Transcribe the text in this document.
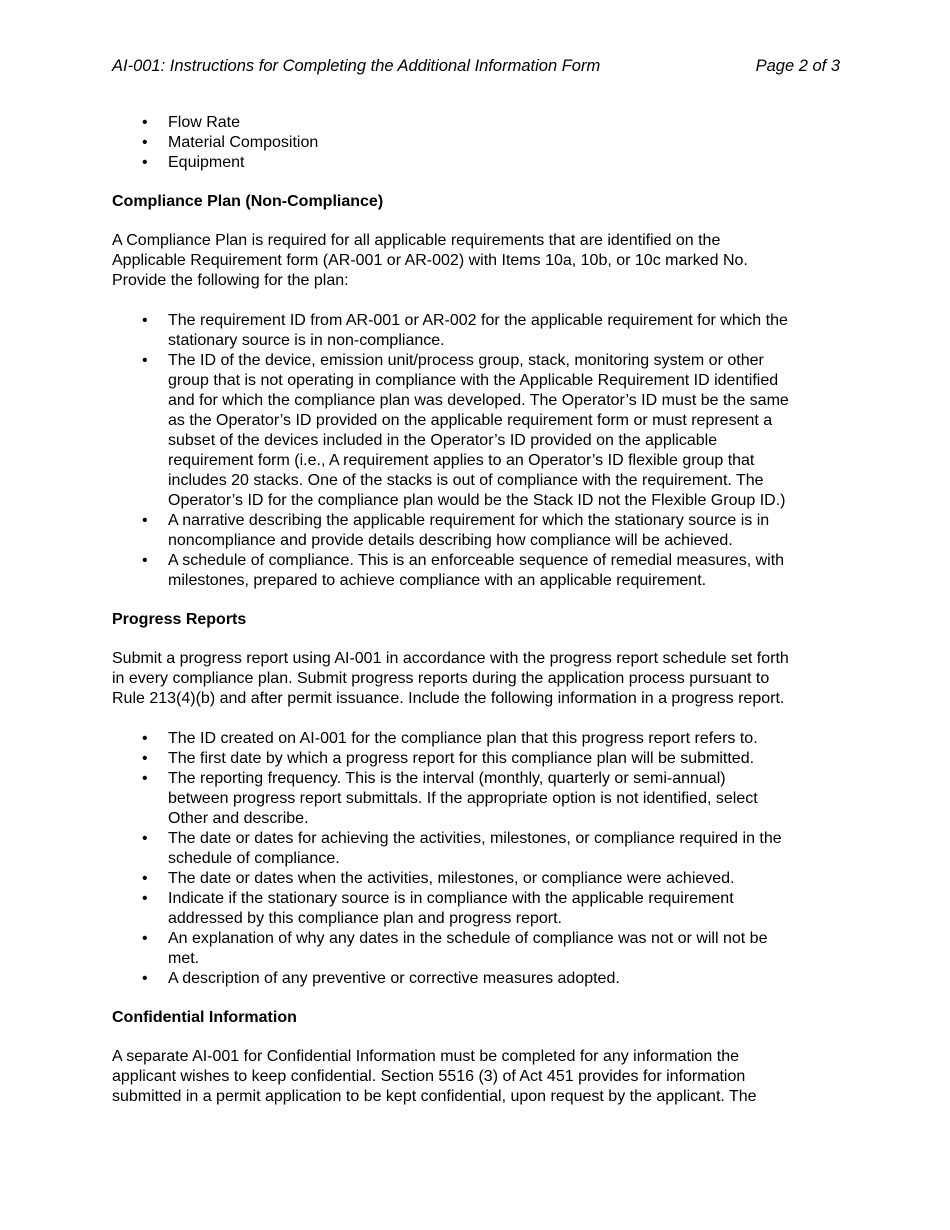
AI-001: Instructions for Completing the Additional Information Form	Page 2 of 3
• Flow Rate
• Material Composition
• Equipment

Compliance Plan (Non-Compliance)

A Compliance Plan is required for all applicable requirements that are identified on the
Applicable Requirement form (AR-001 or AR-002) with Items 10a, 10b, or 10c marked No.
Provide the following for the plan:
• The requirement ID from AR-001 or AR-002 for the applicable requirement for which the
stationary source is in non-compliance.
• The ID of the device, emission unit/process group, stack, monitoring system or other
group that is not operating in compliance with the Applicable Requirement ID identified
and for which the compliance plan was developed. The Operator’s ID must be the same
as the Operator’s ID provided on the applicable requirement form or must represent a
subset of the devices included in the Operator’s ID provided on the applicable
requirement form (i.e., A requirement applies to an Operator’s ID flexible group that
includes 20 stacks. One of the stacks is out of compliance with the requirement. The
Operator’s ID for the compliance plan would be the Stack ID not the Flexible Group ID.)
• A narrative describing the applicable requirement for which the stationary source is in
noncompliance and provide details describing how compliance will be achieved.
• A schedule of compliance. This is an enforceable sequence of remedial measures, with
milestones, prepared to achieve compliance with an applicable requirement.

Progress Reports

Submit a progress report using AI-001 in accordance with the progress report schedule set forth
in every compliance plan. Submit progress reports during the application process pursuant to
Rule 213(4)(b) and after permit issuance. Include the following information in a progress report.
• The ID created on AI-001 for the compliance plan that this progress report refers to.
• The first date by which a progress report for this compliance plan will be submitted.
• The reporting frequency. This is the interval (monthly, quarterly or semi-annual)
between progress report submittals. If the appropriate option is not identified, select
Other and describe.
• The date or dates for achieving the activities, milestones, or compliance required in the
schedule of compliance.
• The date or dates when the activities, milestones, or compliance were achieved.
• Indicate if the stationary source is in compliance with the applicable requirement
addressed by this compliance plan and progress report.
• An explanation of why any dates in the schedule of compliance was not or will not be
met.
• A description of any preventive or corrective measures adopted.

Confidential Information

A separate AI-001 for Confidential Information must be completed for any information the
applicant wishes to keep confidential. Section 5516 (3) of Act 451 provides for information
submitted in a permit application to be kept confidential, upon request by the applicant. The
